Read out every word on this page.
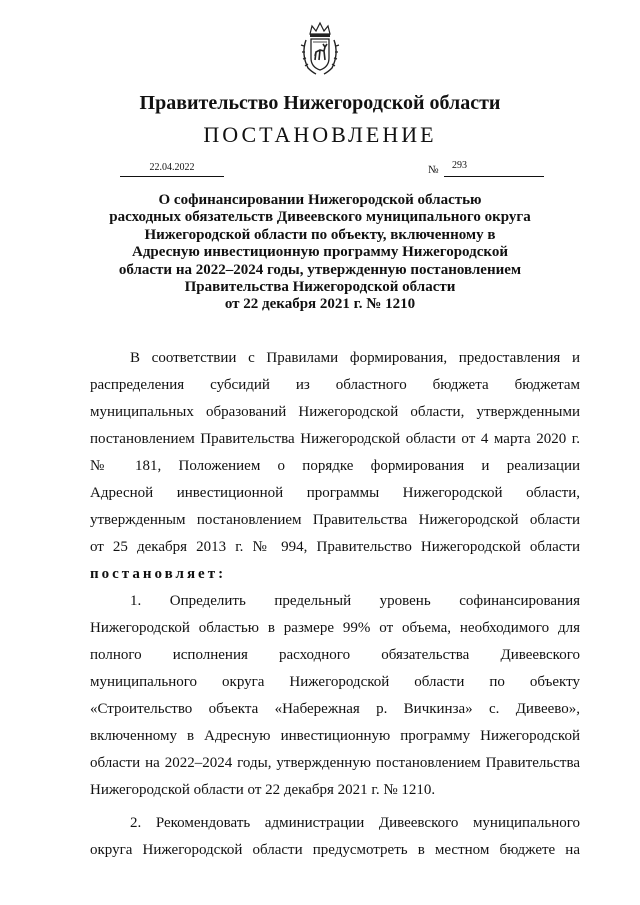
Правительство Нижегородской области
ПОСТАНОВЛЕНИЕ
22.04.2022	№	293
О софинансировании Нижегородской областью
расходных обязательств Дивеевского муниципального округа
Нижегородской области по объекту, включенному в
Адресную инвестиционную программу Нижегородской
области на 2022–2024 годы, утвержденную постановлением
Правительства Нижегородской области
от 22 декабря 2021 г. № 1210
В соответствии с Правилами формирования, предоставления и
распределения субсидий из областного бюджета бюджетам
муниципальных образований Нижегородской области, утвержденными
постановлением Правительства Нижегородской области от 4 марта 2020 г.
№ 181, Положением о порядке формирования и реализации
Адресной инвестиционной программы Нижегородской области,
утвержденным постановлением Правительства Нижегородской области
от 25 декабря 2013 г. № 994, Правительство Нижегородской области
постановляет:
1. Определить предельный уровень софинансирования
Нижегородской областью в размере 99% от объема, необходимого для
полного исполнения расходного обязательства Дивеевского
муниципального округа Нижегородской области по объекту
«Строительство объекта «Набережная р. Вичкинза» с. Дивеево»,
включенному в Адресную инвестиционную программу Нижегородской
области на 2022–2024 годы, утвержденную постановлением Правительства
Нижегородской области от 22 декабря 2021 г. № 1210.
2. Рекомендовать администрации Дивеевского муниципального
округа Нижегородской области предусмотреть в местном бюджете на
